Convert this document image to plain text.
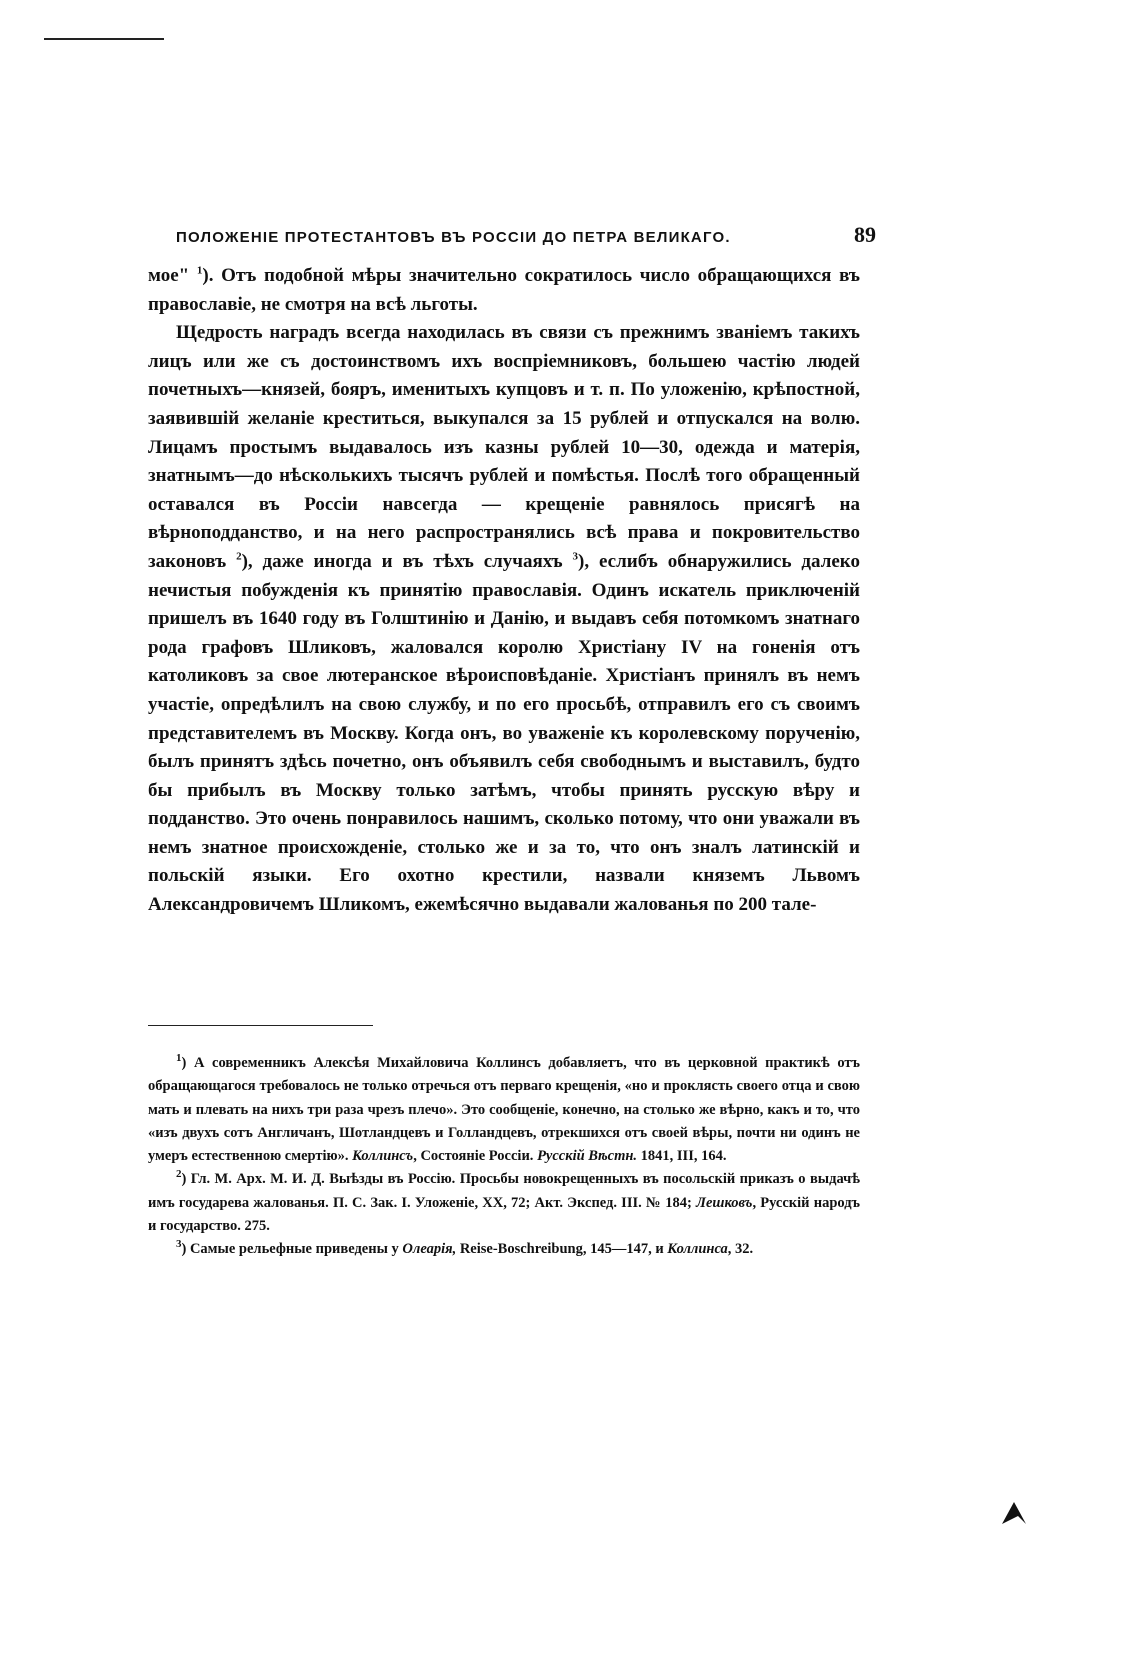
ПОЛОЖЕНІЕ ПРОТЕСТАНТОВЪ ВЪ РОССІИ ДО ПЕТРА ВЕЛИКАГО.	89

мое" $^1$). Отъ подобной мѣры значительно сократилось число обращающихся въ православіе, не смотря на всѣ льготы.

Щедрость наградъ всегда находилась въ связи съ прежнимъ званіемъ такихъ лицъ или же съ достоинствомъ ихъ воспріемниковъ, большею частію людей почетныхъ—князей, бояръ, именитыхъ купцовъ и т. п. По уложенію, крѣпостной, заявившій желаніе креститься, выкупался за 15 рублей и отпускался на волю. Лицамъ простымъ выдавалось изъ казны рублей 10—30, одежда и матерія, знатнымъ—до нѣсколькихъ тысячъ рублей и помѣстья. Послѣ того обращенный оставался въ Россіи навсегда — крещеніе равнялось присягѣ на вѣрноподданство, и на него распространялись всѣ права и покровительство законовъ $^2$), даже иногда и въ тѣхъ случаяхъ $^3$), еслибъ обнаружились далеко нечистыя побужденія къ принятію православія. Одинъ искатель приключеній пришелъ въ 1640 году въ Голштинію и Данію, и выдавъ себя потомкомъ знатнаго рода графовъ Шликовъ, жаловался королю Христіану IV на гоненія отъ католиковъ за свое лютеранское вѣроисповѣданіе. Христіанъ принялъ въ немъ участіе, опредѣлилъ на свою службу, и по его просьбѣ, отправилъ его съ своимъ представителемъ въ Москву. Когда онъ, во уваженіе къ королевскому порученію, былъ принятъ здѣсь почетно, онъ объявилъ себя свободнымъ и выставилъ, будто бы прибылъ въ Москву только затѣмъ, чтобы принять русскую вѣру и подданство. Это очень понравилось нашимъ, сколько потому, что они уважали въ немъ знатное происхожденіе, столько же и за то, что онъ зналъ латинскій и польскій языки. Его охотно крестили, назвали княземъ Львомъ Александровичемъ Шликомъ, ежемѣсячно выдавали жалованья по 200 тале-

$^1$) А современникъ Алексѣя Михайловича Коллинсъ добавляетъ, что въ церковной практикѣ отъ обращающагося требовалось не только отречься отъ перваго крещенія, «но и проклясть своего отца и свою мать и плевать на нихъ три раза чрезъ плечо». Это сообщеніе, конечно, на столько же вѣрно, какъ и то, что «изъ двухъ сотъ Англичанъ, Шотландцевъ и Голландцевъ, отрекшихся отъ своей вѣры, почти ни одинъ не умеръ естественною смертію». Коллинсъ, Состояніе Россіи. Русскій Вѣстн. 1841, III, 164.

$^2$) Гл. М. Арх. М. И. Д. Выѣзды въ Россію. Просьбы новокрещенныхъ въ посольскій приказъ о выдачѣ имъ государева жалованья. П. С. Зак. I. Уложеніе, XX, 72; Акт. Экспед. III. № 184; Лешковъ, Русскій народъ и государство. 275.

$^3$) Самые рельефные приведены у Олеарія, Reise-Boschreibung, 145—147, и Коллинса, 32.
